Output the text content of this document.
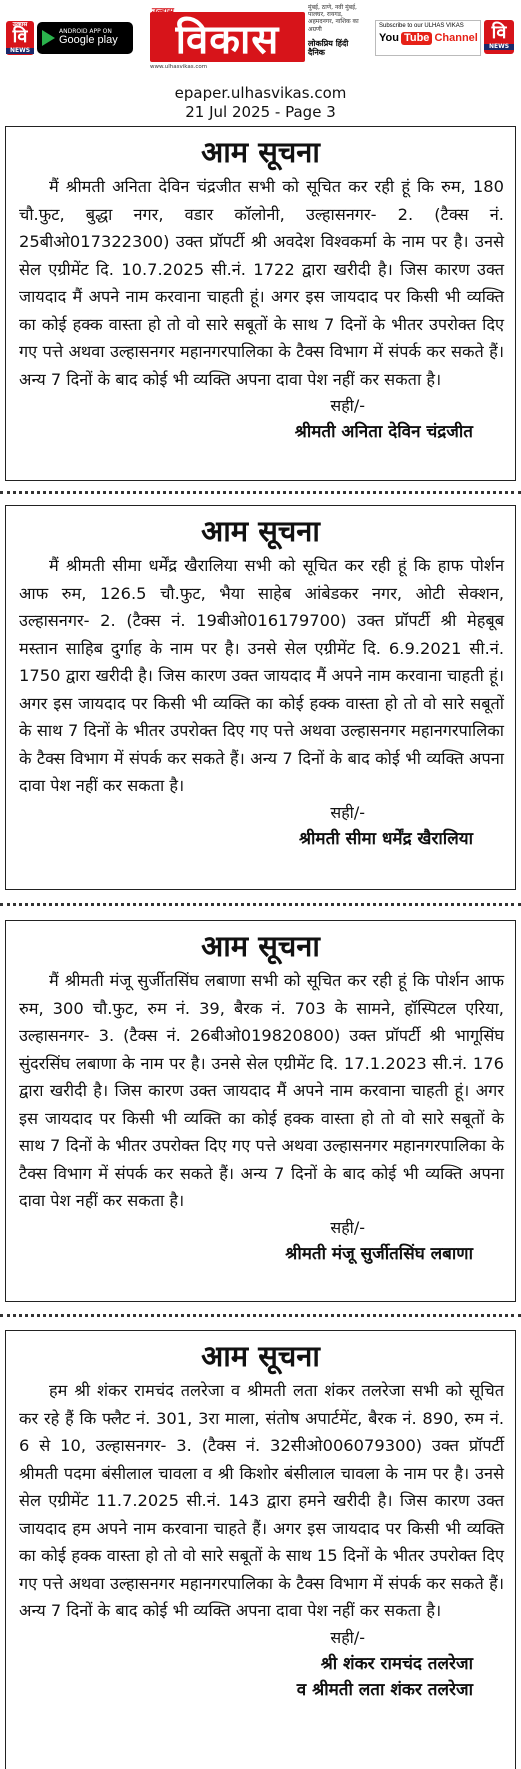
उल्हास
वि
NEWS
ANDROID APP ON
Google play	विकास
मुंबई, ठाणे, नवी मुंबई, पालघर, रायगड, अहमदनगर, नाशिक का अग्रणी
लोकप्रिय हिंदी दैनिक
www.ulhasvikas.com
Subscribe to our ULHAS VIKAS
You Tube Channel वि
NEWS
epaper.ulhasvikas.com
21 Jul 2025 - Page 3
आम सूचना

मैं श्रीमती अनिता देविन चंद्रजीत सभी को सूचित कर रही हूं कि रुम, 180 चौ.फुट, बुद्धा नगर, वडार कॉलोनी, उल्हासनगर- 2. (टैक्स नं. 25बीओ017322300) उक्त प्रॉपर्टी श्री अवदेश विश्वकर्मा के नाम पर है। उनसे सेल एग्रीमेंट दि. 10.7.2025 सी.नं. 1722 द्वारा खरीदी है। जिस कारण उक्त जायदाद मैं अपने नाम करवाना चाहती हूं। अगर इस जायदाद पर किसी भी व्यक्ति का कोई हक्क वास्ता हो तो वो सारे सबूतों के साथ 7 दिनों के भीतर उपरोक्त दिए गए पत्ते अथवा उल्हासनगर महानगरपालिका के टैक्स विभाग में संपर्क कर सकते हैं। अन्य 7 दिनों के बाद कोई भी व्यक्ति अपना दावा पेश नहीं कर सकता है।

सही/-
श्रीमती अनिता देविन चंद्रजीत
आम सूचना

मैं श्रीमती सीमा धर्मेंद्र खैरालिया सभी को सूचित कर रही हूं कि हाफ पोर्शन आफ रुम, 126.5 चौ.फुट, भैया साहेब आंबेडकर नगर, ओटी सेक्शन, उल्हासनगर- 2. (टैक्स नं. 19बीओ016179700) उक्त प्रॉपर्टी श्री मेहबूब मस्तान साहिब दुर्गाह के नाम पर है। उनसे सेल एग्रीमेंट दि. 6.9.2021 सी.नं. 1750 द्वारा खरीदी है। जिस कारण उक्त जायदाद मैं अपने नाम करवाना चाहती हूं। अगर इस जायदाद पर किसी भी व्यक्ति का कोई हक्क वास्ता हो तो वो सारे सबूतों के साथ 7 दिनों के भीतर उपरोक्त दिए गए पत्ते अथवा उल्हासनगर महानगरपालिका के टैक्स विभाग में संपर्क कर सकते हैं। अन्य 7 दिनों के बाद कोई भी व्यक्ति अपना दावा पेश नहीं कर सकता है।

सही/-
श्रीमती सीमा धर्मेंद्र खैरालिया
आम सूचना

मैं श्रीमती मंजू सुर्जीतसिंघ लबाणा सभी को सूचित कर रही हूं कि पोर्शन आफ रुम, 300 चौ.फुट, रुम नं. 39, बैरक नं. 703 के सामने, हॉस्पिटल एरिया, उल्हासनगर- 3. (टैक्स नं. 26बीओ019820800) उक्त प्रॉपर्टी श्री भागूसिंघ सुंदरसिंघ लबाणा के नाम पर है। उनसे सेल एग्रीमेंट दि. 17.1.2023 सी.नं. 176 द्वारा खरीदी है। जिस कारण उक्त जायदाद मैं अपने नाम करवाना चाहती हूं। अगर इस जायदाद पर किसी भी व्यक्ति का कोई हक्क वास्ता हो तो वो सारे सबूतों के साथ 7 दिनों के भीतर उपरोक्त दिए गए पत्ते अथवा उल्हासनगर महानगरपालिका के टैक्स विभाग में संपर्क कर सकते हैं। अन्य 7 दिनों के बाद कोई भी व्यक्ति अपना दावा पेश नहीं कर सकता है।

सही/-
श्रीमती मंजू सुर्जीतसिंघ लबाणा
आम सूचना

हम श्री शंकर रामचंद तलरेजा व श्रीमती लता शंकर तलरेजा सभी को सूचित कर रहे हैं कि फ्लैट नं. 301, 3रा माला, संतोष अपार्टमेंट, बैरक नं. 890, रुम नं. 6 से 10, उल्हासनगर- 3. (टैक्स नं. 32सीओ006079300) उक्त प्रॉपर्टी श्रीमती पदमा बंसीलाल चावला व श्री किशोर बंसीलाल चावला के नाम पर है। उनसे सेल एग्रीमेंट 11.7.2025 सी.नं. 143 द्वारा हमने खरीदी है। जिस कारण उक्त जायदाद हम अपने नाम करवाना चाहते हैं। अगर इस जायदाद पर किसी भी व्यक्ति का कोई हक्क वास्ता हो तो वो सारे सबूतों के साथ 15 दिनों के भीतर उपरोक्त दिए गए पत्ते अथवा उल्हासनगर महानगरपालिका के टैक्स विभाग में संपर्क कर सकते हैं। अन्य 7 दिनों के बाद कोई भी व्यक्ति अपना दावा पेश नहीं कर सकता है।

सही/-
श्री शंकर रामचंद तलरेजा
व श्रीमती लता शंकर तलरेजा
